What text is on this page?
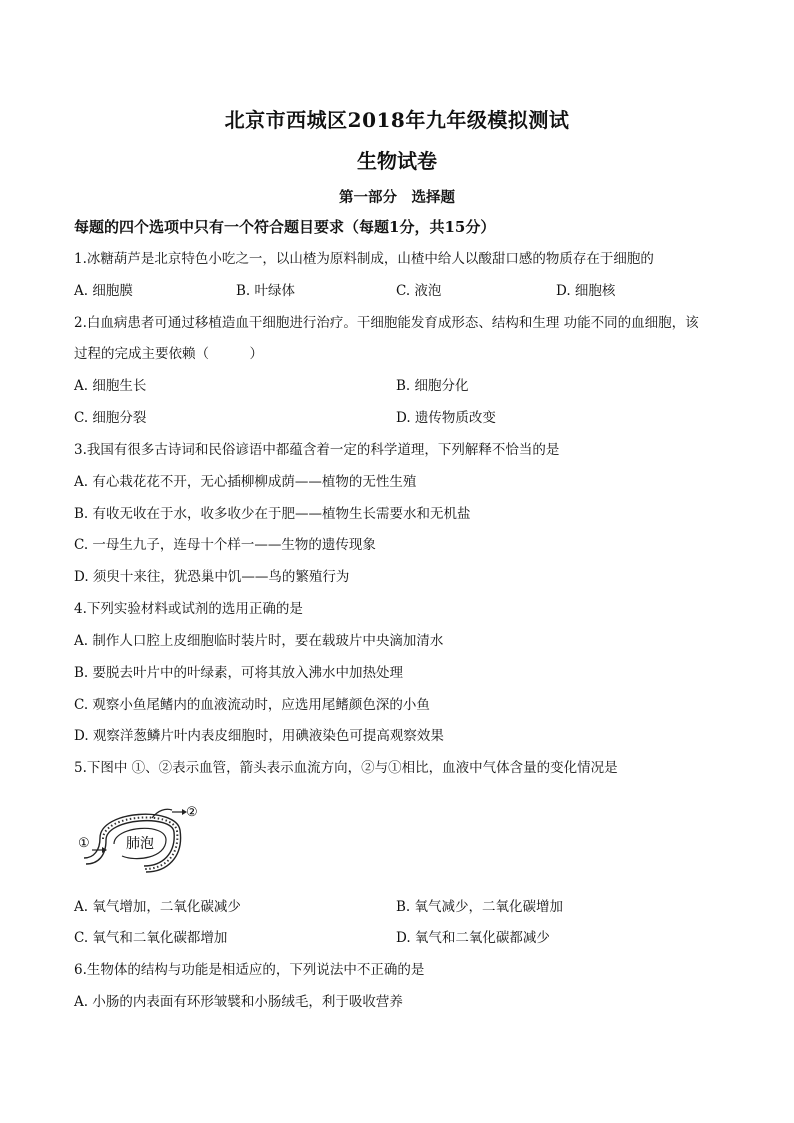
北京市西城区2018年九年级模拟测试
生物试卷
第一部分　选择题
每题的四个选项中只有一个符合题目要求（每题1分，共15分）
1.冰糖葫芦是北京特色小吃之一，以山楂为原料制成，山楂中给人以酸甜口感的物质存在于细胞的
A. 细胞膜	B. 叶绿体	C. 液泡	D. 细胞核
2.白血病患者可通过移植造血干细胞进行治疗。干细胞能发育成形态、结构和生理 功能不同的血细胞，该
过程的完成主要依赖（　　　）
A. 细胞生长	B. 细胞分化
C. 细胞分裂	D. 遗传物质改变
3.我国有很多古诗词和民俗谚语中都蕴含着一定的科学道理，下列解释不恰当的是
A. 有心栽花花不开，无心插柳柳成荫——植物的无性生殖
B. 有收无收在于水，收多收少在于肥——植物生长需要水和无机盐
C. 一母生九子，连母十个样一——生物的遗传现象
D. 须臾十来往，犹恐巢中饥——鸟的繁殖行为
4.下列实验材料或试剂的选用正确的是
A. 制作人口腔上皮细胞临时装片时，要在载玻片中央滴加清水
B. 要脱去叶片中的叶绿素，可将其放入沸水中加热处理
C. 观察小鱼尾鳍内的血液流动时，应选用尾鳍颜色深的小鱼
D. 观察洋葱鳞片叶内表皮细胞时，用碘液染色可提高观察效果
5.下图中 ①、②表示血管，箭头表示血流方向，②与①相比，血液中气体含量的变化情况是
①
②
肺泡
A. 氧气增加，二氧化碳减少	B. 氧气减少，二氧化碳增加
C. 氧气和二氧化碳都增加	D. 氧气和二氧化碳都减少
6.生物体的结构与功能是相适应的，下列说法中不正确的是
A. 小肠的内表面有环形皱襞和小肠绒毛，利于吸收营养
